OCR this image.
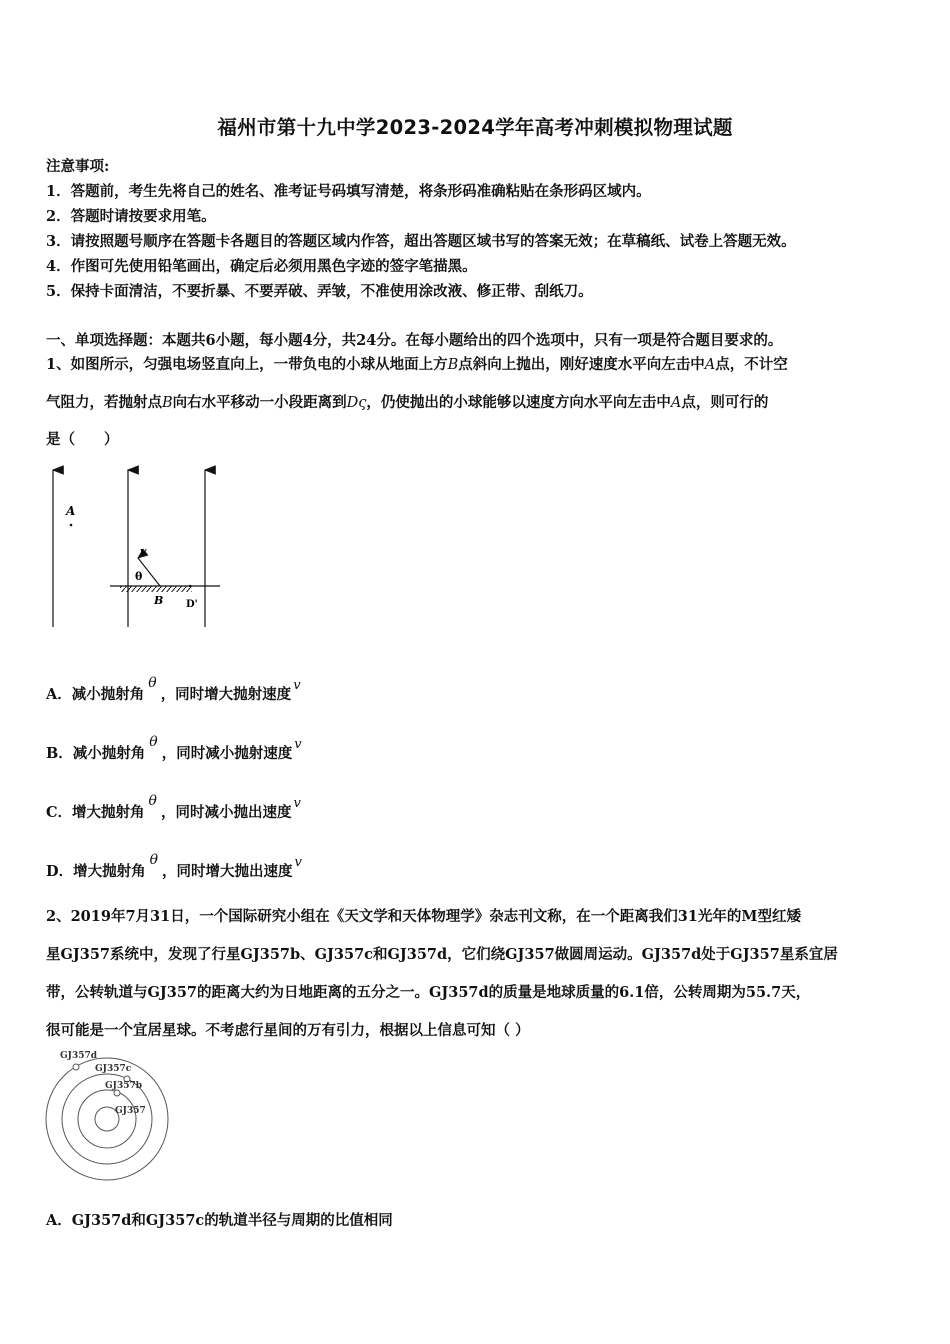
福州市第十九中学2023-2024学年高考冲刺模拟物理试题
注意事项:
1．答题前，考生先将自己的姓名、准考证号码填写清楚，将条形码准确粘贴在条形码区域内。
2．答题时请按要求用笔。
3．请按照题号顺序在答题卡各题目的答题区域内作答，超出答题区域书写的答案无效；在草稿纸、试卷上答题无效。
4．作图可先使用铅笔画出，确定后必须用黑色字迹的签字笔描黑。
5．保持卡面清洁，不要折暴、不要弄破、弄皱，不准使用涂改液、修正带、刮纸刀。
一、单项选择题：本题共6小题，每小题4分，共24分。在每小题给出的四个选项中，只有一项是符合题目要求的。
1、如图所示，匀强电场竖直向上，一带负电的小球从地面上方B点斜向上抛出，刚好速度水平向左击中A点，不计空
气阻力，若抛射点B向右水平移动一小段距离到Dς，仍使抛出的小球能够以速度方向水平向左击中A点，则可行的
是（　　）
A
v
θ
B D'
A．减小抛射角θ，同时增大抛射速度v
B．减小抛射角θ，同时减小抛射速度v
C．增大抛射角θ，同时减小抛出速度v
D．增大抛射角θ，同时增大抛出速度v
2、2019年7月31日，一个国际研究小组在《天文学和天体物理学》杂志刊文称，在一个距离我们31光年的M型红矮
星GJ357系统中，发现了行星GJ357b、GJ357c和GJ357d，它们绕GJ357做圆周运动。GJ357d处于GJ357星系宜居
带，公转轨道与GJ357的距离大约为日地距离的五分之一。GJ357d的质量是地球质量的6.1倍，公转周期为55.7天，
很可能是一个宜居星球。不考虑行星间的万有引力，根据以上信息可知（ ）
GJ357d
GJ357c
GJ357b
GJ357
A．GJ357d和GJ357c的轨道半径与周期的比值相同
